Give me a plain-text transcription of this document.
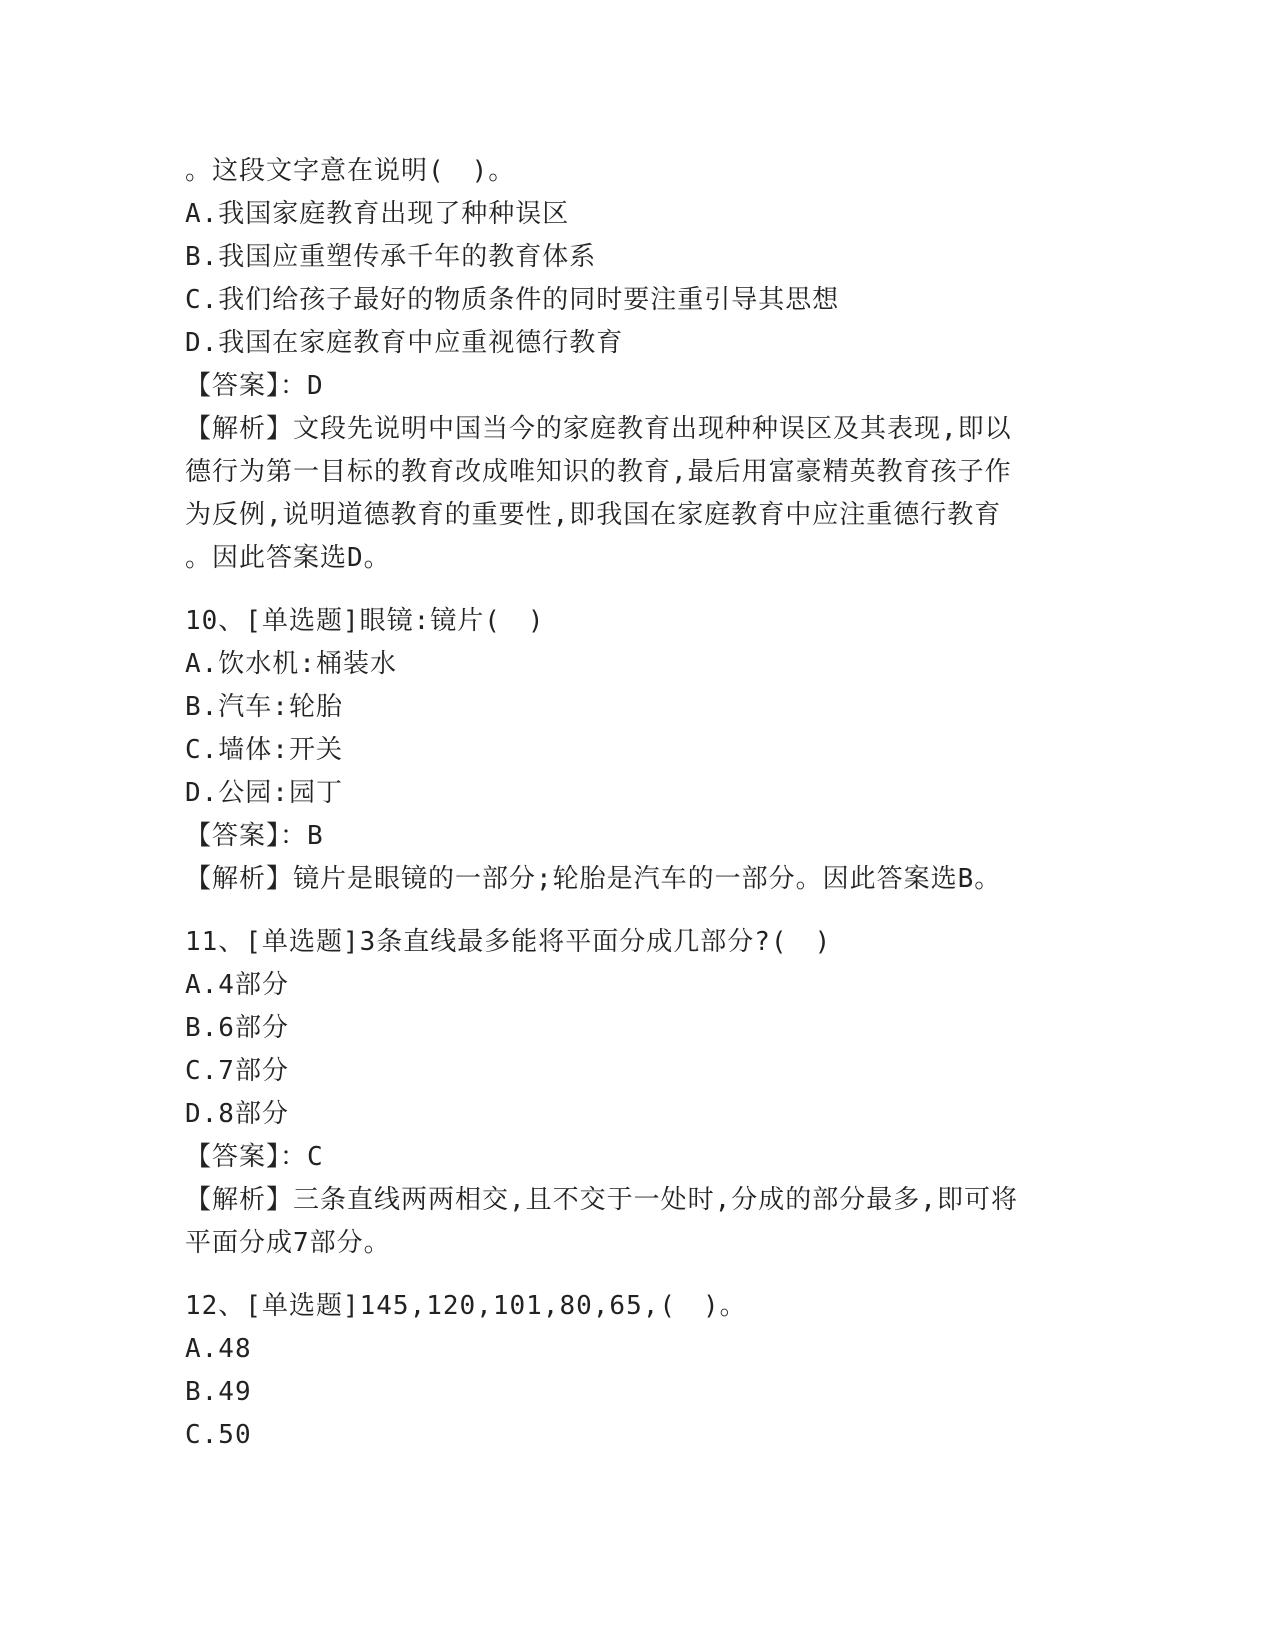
。这段文字意在说明(　)。
A.我国家庭教育出现了种种误区
B.我国应重塑传承千年的教育体系
C.我们给孩子最好的物质条件的同时要注重引导其思想
D.我国在家庭教育中应重视德行教育
【答案】：D
【解析】文段先说明中国当今的家庭教育出现种种误区及其表现,即以
德行为第一目标的教育改成唯知识的教育,最后用富豪精英教育孩子作
为反例,说明道德教育的重要性,即我国在家庭教育中应注重德行教育
。因此答案选D。
10、[单选题]眼镜:镜片(　)
A.饮水机:桶装水
B.汽车:轮胎
C.墙体:开关
D.公园:园丁
【答案】：B
【解析】镜片是眼镜的一部分;轮胎是汽车的一部分。因此答案选B。
11、[单选题]3条直线最多能将平面分成几部分?(　)
A.4部分
B.6部分
C.7部分
D.8部分
【答案】：C
【解析】三条直线两两相交,且不交于一处时,分成的部分最多,即可将
平面分成7部分。
12、[单选题]145,120,101,80,65,(　)。
A.48
B.49
C.50
